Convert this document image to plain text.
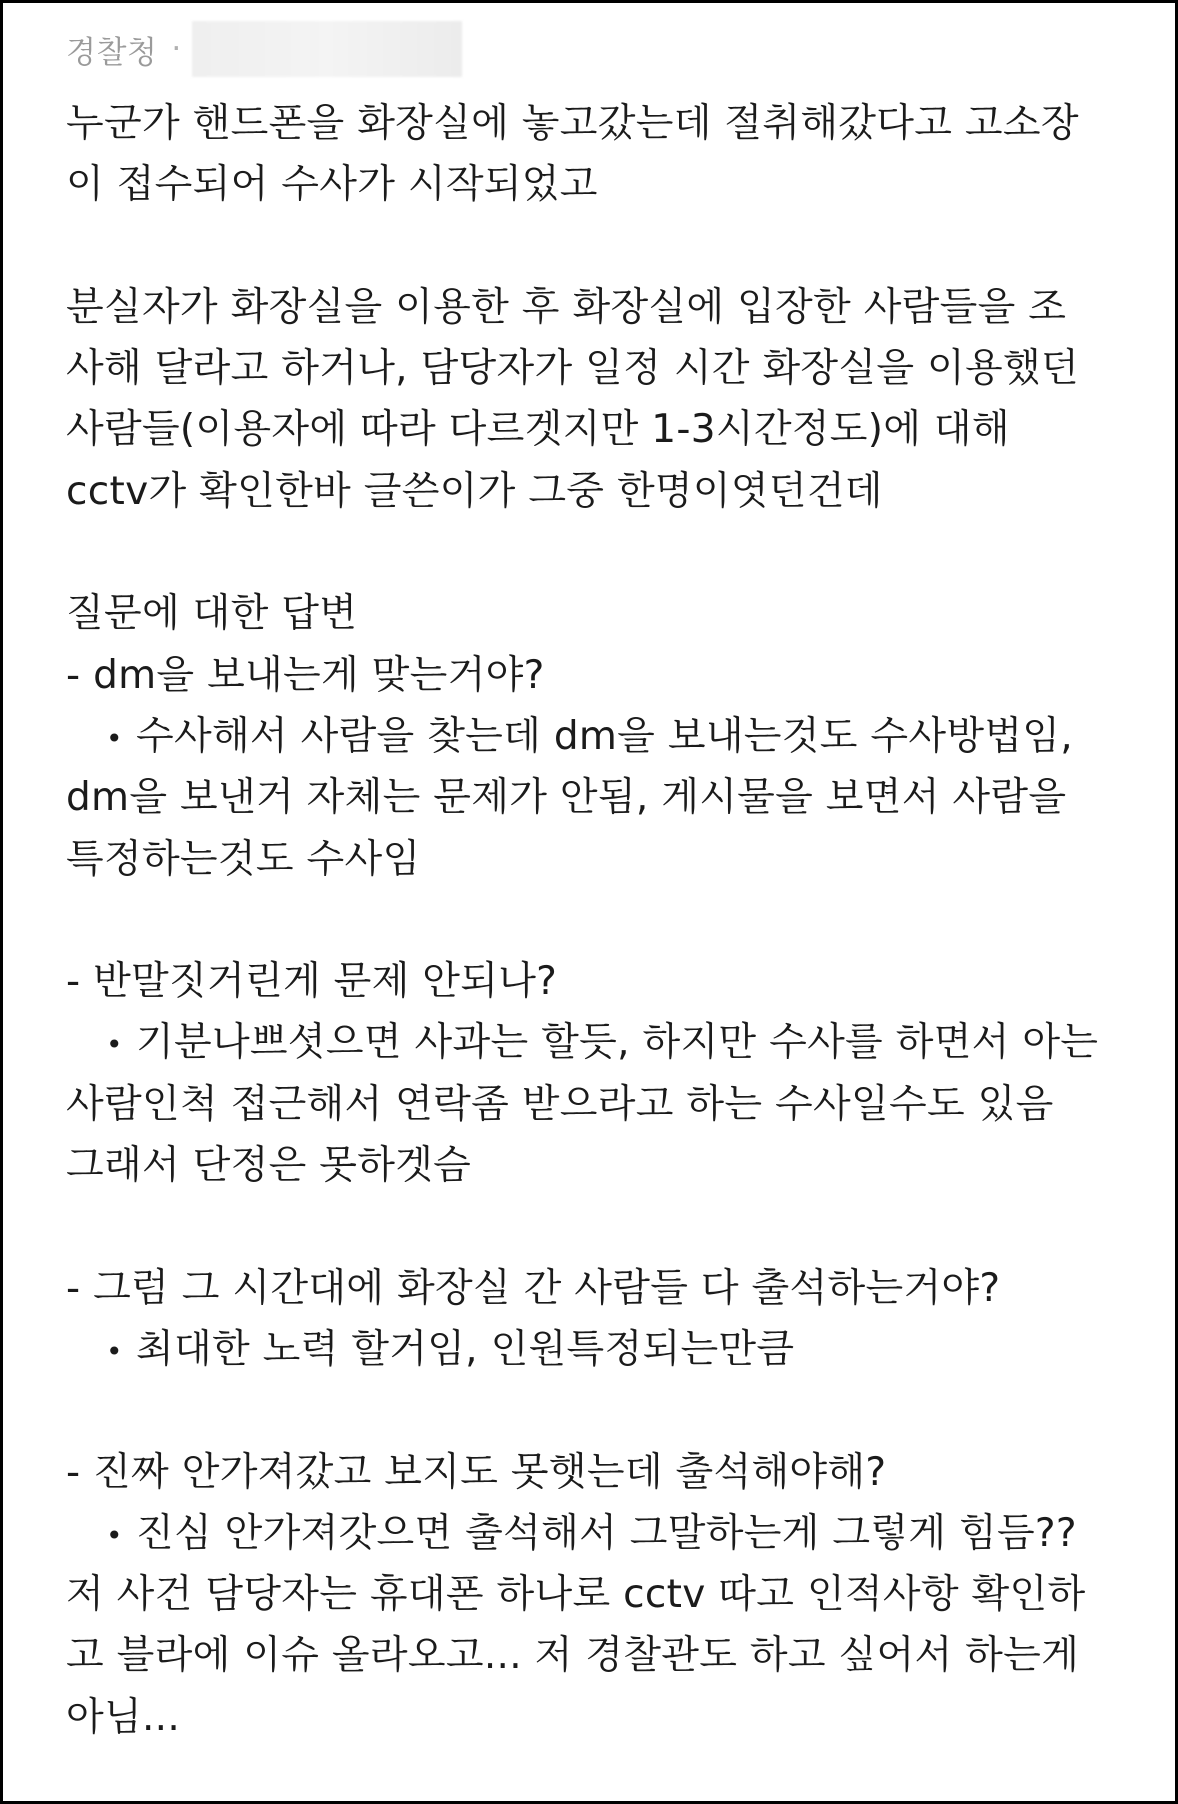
경찰청 ·
누군가 핸드폰을 화장실에 놓고갔는데 절취해갔다고 고소장
이 접수되어 수사가 시작되었고
분실자가 화장실을 이용한 후 화장실에 입장한 사람들을 조
사해 달라고 하거나, 담당자가 일정 시간 화장실을 이용했던
사람들(이용자에 따라 다르겟지만 1-3시간정도)에 대해
cctv가 확인한바 글쓴이가 그중 한명이엿던건데
질문에 대한 답변
- dm을 보내는게 맞는거야?
• 수사해서 사람을 찾는데 dm을 보내는것도 수사방법임,
dm을 보낸거 자체는 문제가 안됨, 게시물을 보면서 사람을
특정하는것도 수사임
- 반말짓거린게 문제 안되나?
• 기분나쁘셧으면 사과는 할듯, 하지만 수사를 하면서 아는
사람인척 접근해서 연락좀 받으라고 하는 수사일수도 있음
그래서 단정은 못하겟슴
- 그럼 그 시간대에 화장실 간 사람들 다 출석하는거야?
• 최대한 노력 할거임, 인원특정되는만큼
- 진짜 안가져갔고 보지도 못햇는데 출석해야해?
• 진심 안가져갓으면 출석해서 그말하는게 그렇게 힘듬??
저 사건 담당자는 휴대폰 하나로 cctv 따고 인적사항 확인하
고 블라에 이슈 올라오고... 저 경찰관도 하고 싶어서 하는게
아님...
